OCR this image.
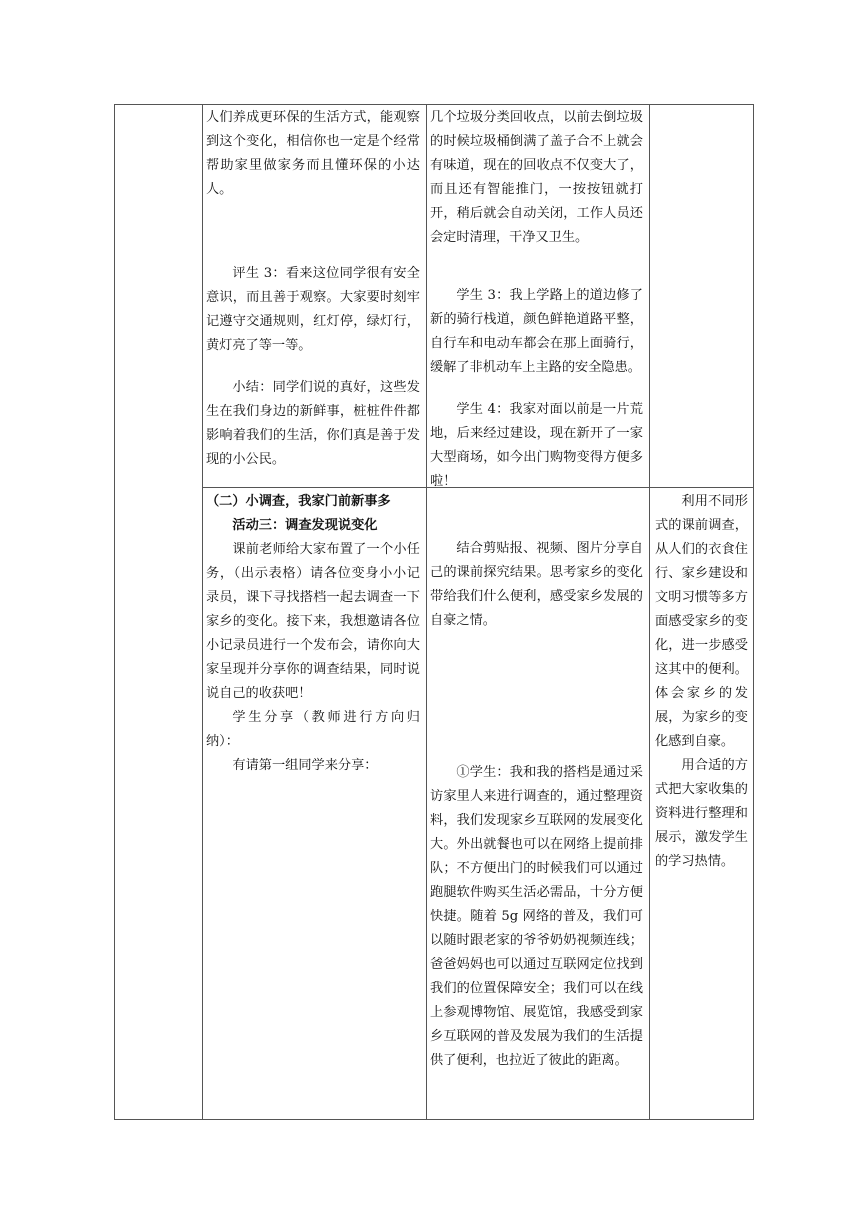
人们养成更环保的生活方式，能观察到这个变化，相信你也一定是个经常帮助家里做家务而且懂环保的小达人。

评生 3：看来这位同学很有安全意识，而且善于观察。大家要时刻牢记遵守交通规则，红灯停，绿灯行，黄灯亮了等一等。

小结：同学们说的真好，这些发生在我们身边的新鲜事，桩桩件件都影响着我们的生活，你们真是善于发现的小公民。

几个垃圾分类回收点，以前去倒垃圾的时候垃圾桶倒满了盖子合不上就会有味道，现在的回收点不仅变大了，而且还有智能推门，一按按钮就打开，稍后就会自动关闭，工作人员还会定时清理，干净又卫生。

学生 3：我上学路上的道边修了新的骑行栈道，颜色鲜艳道路平整， 自行车和电动车都会在那上面骑行，缓解了非机动车上主路的安全隐患。

学生 4：我家对面以前是一片荒地，后来经过建设，现在新开了一家大型商场，如今出门购物变得方便多啦！

（二）小调查，我家门前新事多

活动三：调查发现说变化

课前老师给大家布置了一个小任务，（出示表格）请各位变身小小记录员，课下寻找搭档一起去调查一下家乡的变化。接下来，我想邀请各位小记录员进行一个发布会，请你向大家呈现并分享你的调查结果，同时说说自己的收获吧！

学生分享（教师进行方向归纳）：

有请第一组同学来分享：

结合剪贴报、视频、图片分享自己的课前探究结果。思考家乡的变化带给我们什么便利，感受家乡发展的自豪之情。

①学生：我和我的搭档是通过采访家里人来进行调查的，通过整理资料，我们发现家乡互联网的发展变化大。外出就餐也可以在网络上提前排队；不方便出门的时候我们可以通过跑腿软件购买生活必需品，十分方便快捷。随着 5g 网络的普及，我们可以随时跟老家的爷爷奶奶视频连线；爸爸妈妈也可以通过互联网定位找到我们的位置保障安全；我们可以在线上参观博物馆、展览馆，我感受到家乡互联网的普及发展为我们的生活提供了便利，也拉近了彼此的距离。

利用不同形式的课前调查，从人们的衣食住行、家乡建设和文明习惯等多方面感受家乡的变化，进一步感受这其中的便利。体会家乡的发展，为家乡的变化感到自豪。

用合适的方式把大家收集的资料进行整理和展示，激发学生的学习热情。
